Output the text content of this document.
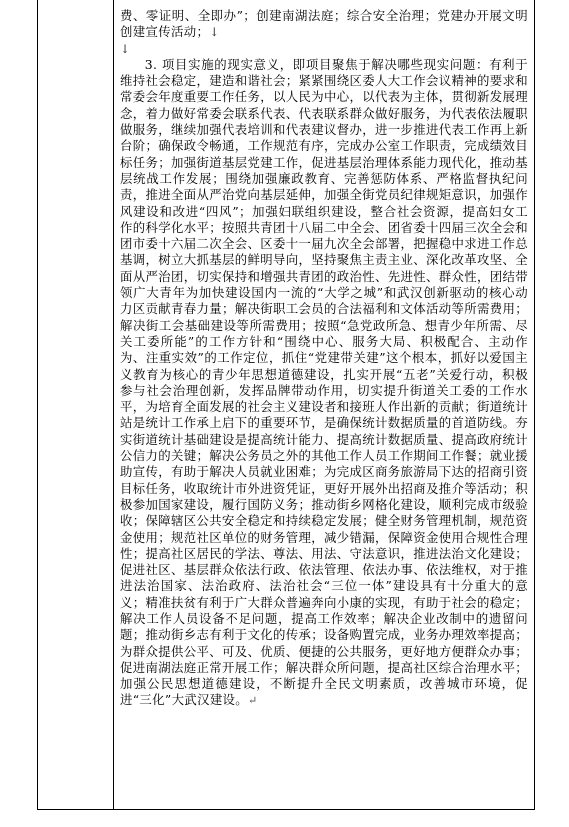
费、零证明、全即办”；创建南湖法庭；综合安全治理；党建办开展文明创建宣传活动；↓

↓

3. 项目实施的现实意义，即项目聚焦于解决哪些现实问题：有利于维持社会稳定，建造和谐社会；紧紧围绕区委人大工作会议精神的要求和常委会年度重要工作任务，以人民为中心，以代表为主体，贯彻新发展理念，着力做好常委会联系代表、代表联系群众做好服务，为代表依法履职做服务，继续加强代表培训和代表建议督办，进一步推进代表工作再上新台阶；确保政令畅通，工作规范有序，完成办公室工作职责，完成绩效目标任务；加强街道基层党建工作，促进基层治理体系能力现代化，推动基层统战工作发展；围绕加强廉政教育、完善惩防体系、严格监督执纪问责，推进全面从严治党向基层延伸，加强全街党员纪律规矩意识，加强作风建设和改进“四风”；加强妇联组织建设，整合社会资源，提高妇女工作的科学化水平；按照共青团十八届二中全会、团省委十四届三次全会和团市委十六届二次全会、区委十一届九次全会部署，把握稳中求进工作总基调，树立大抓基层的鲜明导向，坚持聚焦主责主业、深化改革攻坚、全面从严治团，切实保持和增强共青团的政治性、先进性、群众性，团结带领广大青年为加快建设国内一流的“大学之城”和武汉创新驱动的核心动力区贡献青春力量；解决街职工会员的合法福利和文体活动等所需费用；解决街工会基础建设等所需费用；按照“急党政所急、想青少年所需、尽关工委所能”的工作方针和“围绕中心、服务大局、积极配合、主动作为、注重实效”的工作定位，抓住“党建带关建”这个根本，抓好以爱国主义教育为核心的青少年思想道德建设，扎实开展“五老”关爱行动，积极参与社会治理创新，发挥品牌带动作用，切实提升街道关工委的工作水平，为培育全面发展的社会主义建设者和接班人作出新的贡献；街道统计站是统计工作承上启下的重要环节，是确保统计数据质量的首道防线。夯实街道统计基础建设是提高统计能力、提高统计数据质量、提高政府统计公信力的关键；解决公务员之外的其他工作人员工作期间工作餐；就业援助宣传，有助于解决人员就业困难；为完成区商务旅游局下达的招商引资目标任务，收取统计市外进资凭证，更好开展外出招商及推介等活动；积极参加国家建设，履行国防义务；推动街乡网格化建设，顺利完成市级验收；保障辖区公共安全稳定和持续稳定发展；健全财务管理机制，规范资金使用；规范社区单位的财务管理，减少错漏，保障资金使用合规性合理性；提高社区居民的学法、尊法、用法、守法意识，推进法治文化建设；促进社区、基层群众依法行政、依法管理、依法办事、依法维权，对于推进法治国家、法治政府、法治社会“三位一体”建设具有十分重大的意义；精准扶贫有利于广大群众普遍奔向小康的实现，有助于社会的稳定；解决工作人员设备不足问题，提高工作效率；解决企业改制中的遗留问题；推动街乡志有利于文化的传承；设备购置完成，业务办理效率提高；为群众提供公平、可及、优质、便捷的公共服务，更好地方便群众办事；促进南湖法庭正常开展工作；解决群众所问题，提高社区综合治理水平；加强公民思想道德建设，不断提升全民文明素质，改善城市环境，促进“三化”大武汉建设。↵
